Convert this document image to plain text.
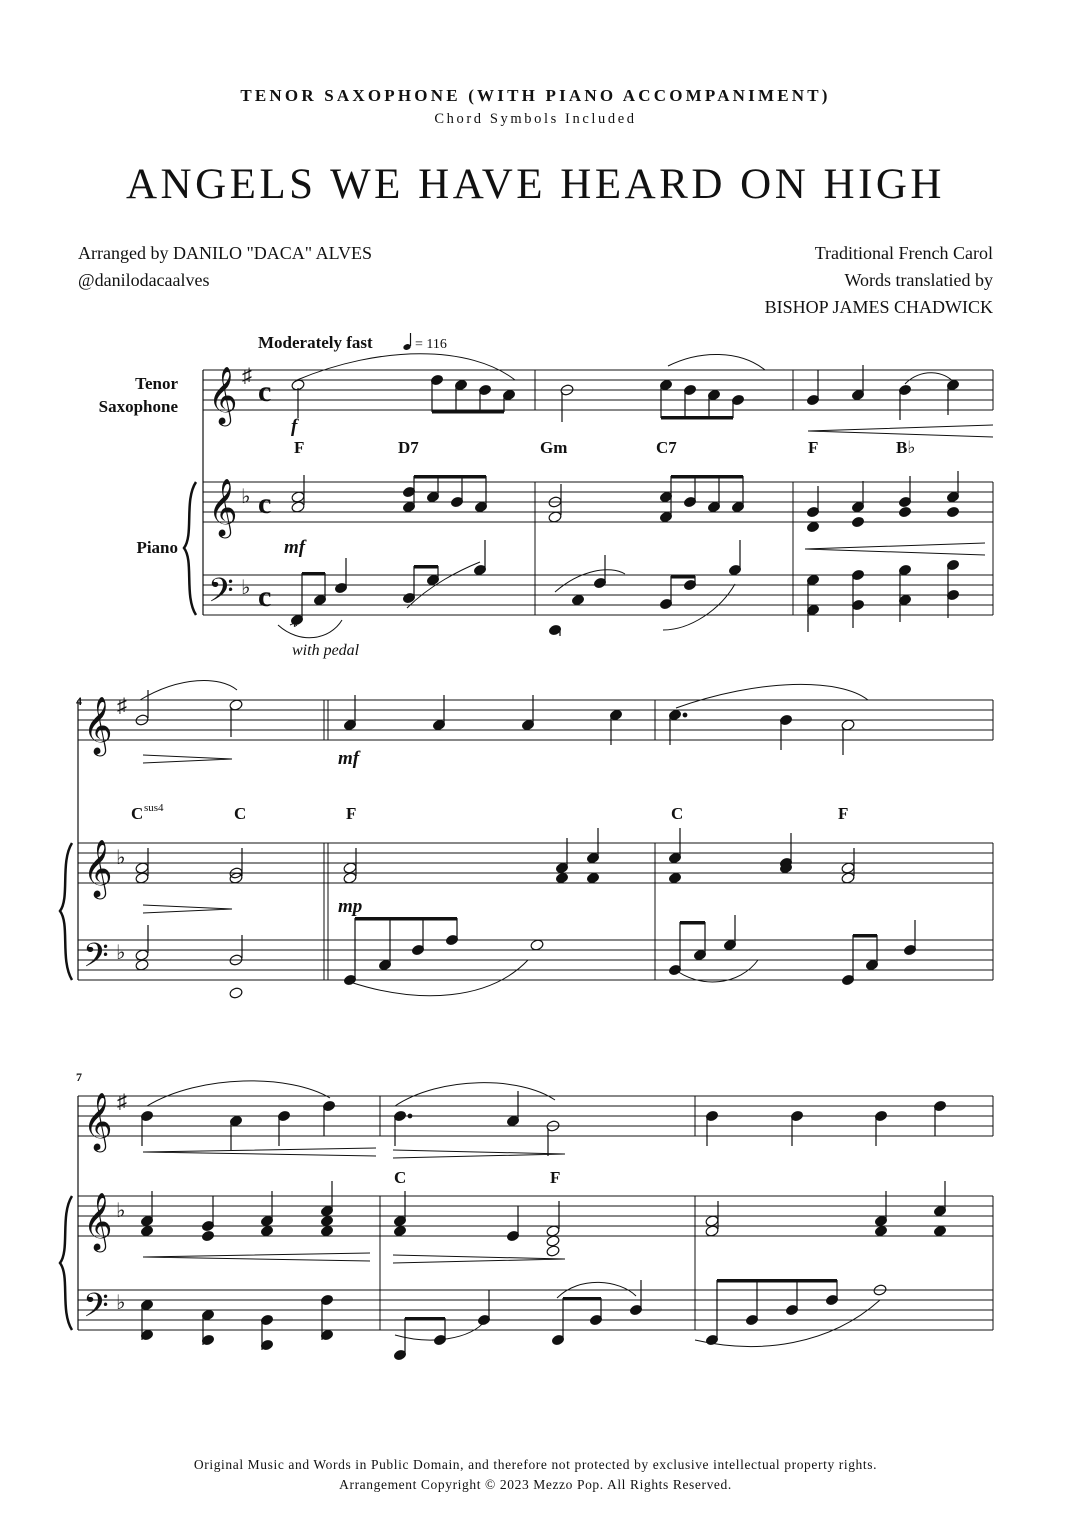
TENOR SAXOPHONE (WITH PIANO ACCOMPANIMENT)
Chord Symbols Included
ANGELS WE HAVE HEARD ON HIGH
Arranged by DANILO "DACA" ALVES
@danilodacaalves
Traditional French Carol
Words translatied by
BISHOP JAMES CHADWICK
𝄞
𝄞
𝄢
𝄞
𝄞
𝄢
𝄞
𝄞
𝄢
♯
♭
♭
♯
♭
♭
♯
♭
♭
c
c
c
Moderately fast	= 116
Tenor
Saxophone
Piano
with pedal
4
7
f
mf
mf
mp
F	D7	Gm	C7	F	B♭
C sus4	C	F	C	F
C	F
Original Music and Words in Public Domain, and therefore not protected by exclusive intellectual property rights.
Arrangement Copyright © 2023 Mezzo Pop. All Rights Reserved.
